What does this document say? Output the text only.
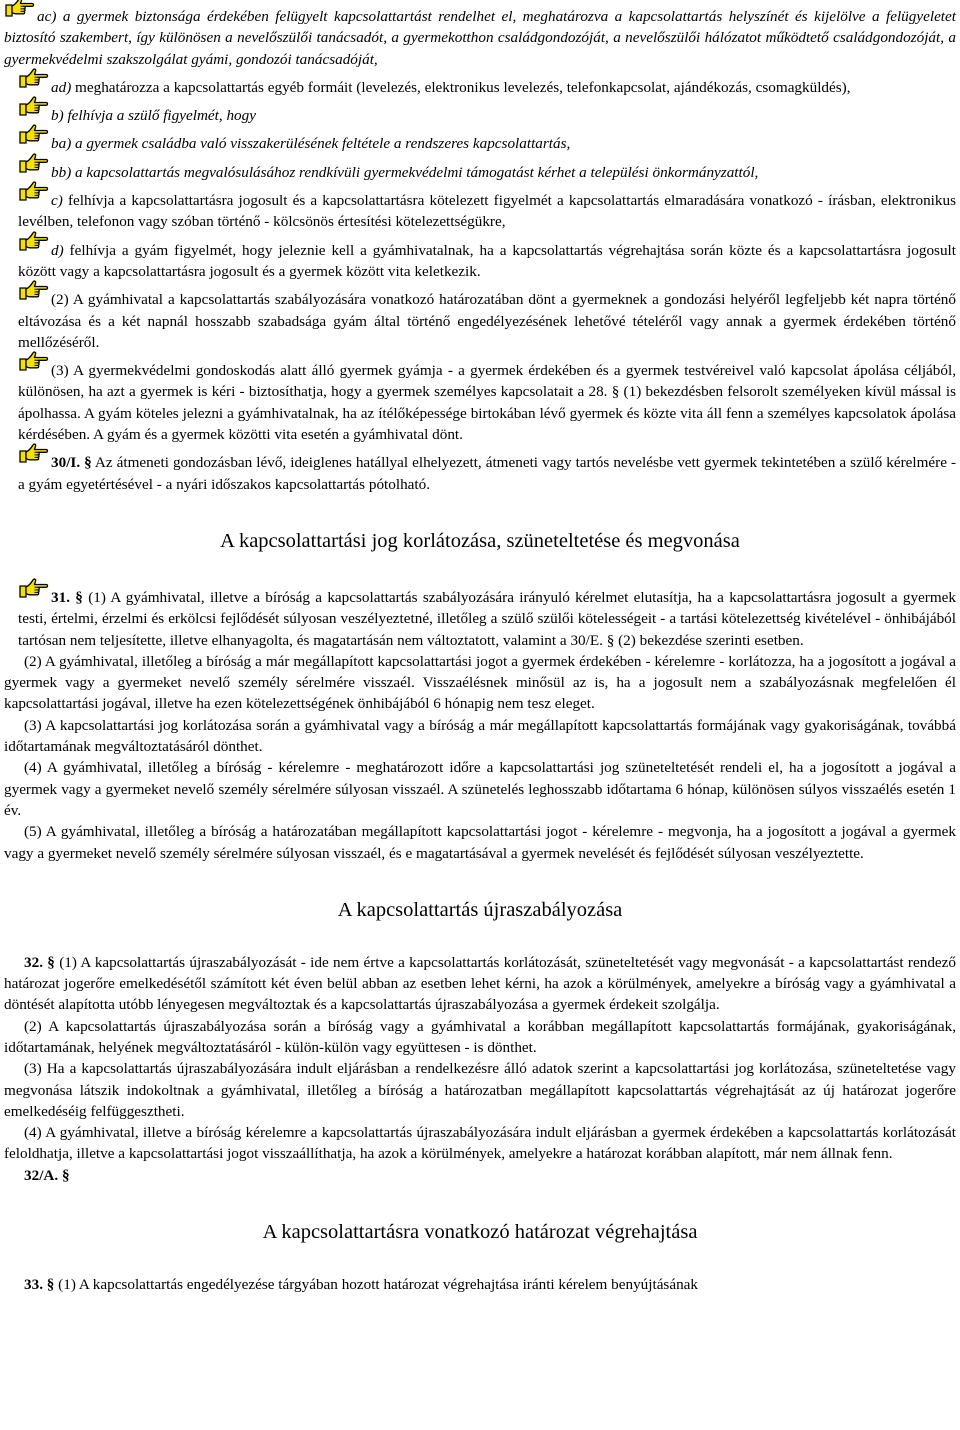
ac) a gyermek biztonsága érdekében felügyelt kapcsolattartást rendelhet el, meghatározva a kapcsolattartás helyszínét és kijelölve a felügyeletet biztosító szakembert, így különösen a nevelőszülői tanácsadót, a gyermekotthon családgondozóját, a nevelőszülői hálózatot működtető családgondozóját, a gyermekvédelmi szakszolgálat gyámi, gondozói tanácsadóját,

ad) meghatározza a kapcsolattartás egyéb formáit (levelezés, elektronikus levelezés, telefonkapcsolat, ajándékozás, csomagküldés),

b) felhívja a szülő figyelmét, hogy

ba) a gyermek családba való visszakerülésének feltétele a rendszeres kapcsolattartás,

bb) a kapcsolattartás megvalósulásához rendkívüli gyermekvédelmi támogatást kérhet a települési önkormányzattól,

c) felhívja a kapcsolattartásra jogosult és a kapcsolattartásra kötelezett figyelmét a kapcsolattartás elmaradására vonatkozó - írásban, elektronikus levélben, telefonon vagy szóban történő - kölcsönös értesítési kötelezettségükre,

d) felhívja a gyám figyelmét, hogy jeleznie kell a gyámhivatalnak, ha a kapcsolattartás végrehajtása során közte és a kapcsolattartásra jogosult között vagy a kapcsolattartásra jogosult és a gyermek között vita keletkezik.

(2) A gyámhivatal a kapcsolattartás szabályozására vonatkozó határozatában dönt a gyermeknek a gondozási helyéről legfeljebb két napra történő eltávozása és a két napnál hosszabb szabadsága gyám által történő engedélyezésének lehetővé tételéről vagy annak a gyermek érdekében történő mellőzéséről.

(3) A gyermekvédelmi gondoskodás alatt álló gyermek gyámja - a gyermek érdekében és a gyermek testvéreivel való kapcsolat ápolása céljából, különösen, ha azt a gyermek is kéri - biztosíthatja, hogy a gyermek személyes kapcsolatait a 28. § (1) bekezdésben felsorolt személyeken kívül mással is ápolhassa. A gyám köteles jelezni a gyámhivatalnak, ha az ítélőképessége birtokában lévő gyermek és közte vita áll fenn a személyes kapcsolatok ápolása kérdésében. A gyám és a gyermek közötti vita esetén a gyámhivatal dönt.

30/I. § Az átmeneti gondozásban lévő, ideiglenes hatállyal elhelyezett, átmeneti vagy tartós nevelésbe vett gyermek tekintetében a szülő kérelmére - a gyám egyetértésével - a nyári időszakos kapcsolattartás pótolható.

A kapcsolattartási jog korlátozása, szüneteltetése és megvonása

31. § (1) A gyámhivatal, illetve a bíróság a kapcsolattartás szabályozására irányuló kérelmet elutasítja, ha a kapcsolattartásra jogosult a gyermek testi, értelmi, érzelmi és erkölcsi fejlődését súlyosan veszélyeztetné, illetőleg a szülő szülői kötelességeit - a tartási kötelezettség kivételével - önhibájából tartósan nem teljesítette, illetve elhanyagolta, és magatartásán nem változtatott, valamint a 30/E. § (2) bekezdése szerinti esetben.

(2) A gyámhivatal, illetőleg a bíróság a már megállapított kapcsolattartási jogot a gyermek érdekében - kérelemre - korlátozza, ha a jogosított a jogával a gyermek vagy a gyermeket nevelő személy sérelmére visszaél. Visszaélésnek minősül az is, ha a jogosult nem a szabályozásnak megfelelően él kapcsolattartási jogával, illetve ha ezen kötelezettségének önhibájából 6 hónapig nem tesz eleget.

(3) A kapcsolattartási jog korlátozása során a gyámhivatal vagy a bíróság a már megállapított kapcsolattartás formájának vagy gyakoriságának, továbbá időtartamának megváltoztatásáról dönthet.

(4) A gyámhivatal, illetőleg a bíróság - kérelemre - meghatározott időre a kapcsolattartási jog szüneteltetését rendeli el, ha a jogosított a jogával a gyermek vagy a gyermeket nevelő személy sérelmére súlyosan visszaél. A szünetelés leghosszabb időtartama 6 hónap, különösen súlyos visszaélés esetén 1 év.

(5) A gyámhivatal, illetőleg a bíróság a határozatában megállapított kapcsolattartási jogot - kérelemre - megvonja, ha a jogosított a jogával a gyermek vagy a gyermeket nevelő személy sérelmére súlyosan visszaél, és e magatartásával a gyermek nevelését és fejlődését súlyosan veszélyeztette.

A kapcsolattartás újraszabályozása

32. § (1) A kapcsolattartás újraszabályozását - ide nem értve a kapcsolattartás korlátozását, szüneteltetését vagy megvonását - a kapcsolattartást rendező határozat jogerőre emelkedésétől számított két éven belül abban az esetben lehet kérni, ha azok a körülmények, amelyekre a bíróság vagy a gyámhivatal a döntését alapította utóbb lényegesen megváltoztak és a kapcsolattartás újraszabályozása a gyermek érdekeit szolgálja.

(2) A kapcsolattartás újraszabályozása során a bíróság vagy a gyámhivatal a korábban megállapított kapcsolattartás formájának, gyakoriságának, időtartamának, helyének megváltoztatásáról - külön-külön vagy együttesen - is dönthet.

(3) Ha a kapcsolattartás újraszabályozására indult eljárásban a rendelkezésre álló adatok szerint a kapcsolattartási jog korlátozása, szüneteltetése vagy megvonása látszik indokoltnak a gyámhivatal, illetőleg a bíróság a határozatban megállapított kapcsolattartás végrehajtását az új határozat jogerőre emelkedéséig felfüggesztheti.

(4) A gyámhivatal, illetve a bíróság kérelemre a kapcsolattartás újraszabályozására indult eljárásban a gyermek érdekében a kapcsolattartás korlátozását feloldhatja, illetve a kapcsolattartási jogot visszaállíthatja, ha azok a körülmények, amelyekre a határozat korábban alapított, már nem állnak fenn.

32/A. §

A kapcsolattartásra vonatkozó határozat végrehajtása

33. § (1) A kapcsolattartás engedélyezése tárgyában hozott határozat végrehajtása iránti kérelem benyújtásának
